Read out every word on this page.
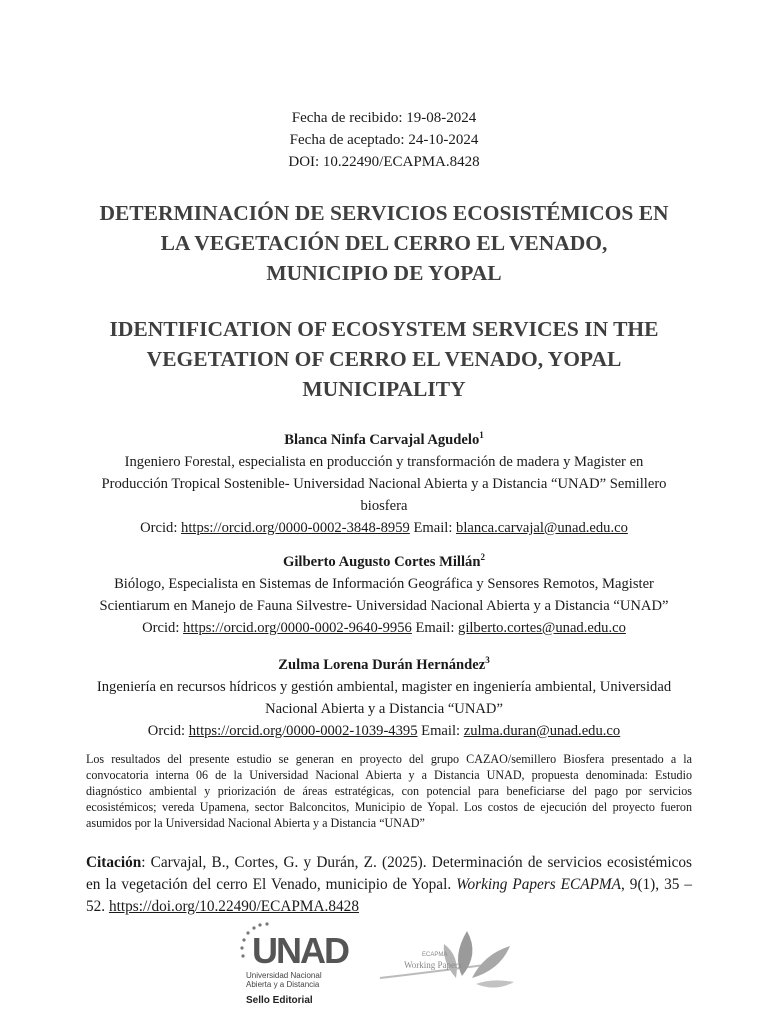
Fecha de recibido: 19-08-2024
Fecha de aceptado: 24-10-2024
DOI: 10.22490/ECAPMA.8428
DETERMINACIÓN DE SERVICIOS ECOSISTÉMICOS EN
LA VEGETACIÓN DEL CERRO EL VENADO,
MUNICIPIO DE YOPAL
IDENTIFICATION OF ECOSYSTEM SERVICES IN THE
VEGETATION OF CERRO EL VENADO, YOPAL
MUNICIPALITY
Blanca Ninfa Carvajal Agudelo$^1$
Ingeniero Forestal, especialista en producción y transformación de madera y Magister en
Producción Tropical Sostenible- Universidad Nacional Abierta y a Distancia “UNAD” Semillero
biosfera
Orcid: https://orcid.org/0000-0002-3848-8959 Email: blanca.carvajal@unad.edu.co
Gilberto Augusto Cortes Millán$^2$
Biólogo, Especialista en Sistemas de Información Geográfica y Sensores Remotos, Magister
Scientiarum en Manejo de Fauna Silvestre- Universidad Nacional Abierta y a Distancia “UNAD”
Orcid: https://orcid.org/0000-0002-9640-9956 Email: gilberto.cortes@unad.edu.co
Zulma Lorena Durán Hernández$^3$
Ingeniería en recursos hídricos y gestión ambiental, magister en ingeniería ambiental, Universidad
Nacional Abierta y a Distancia “UNAD”
Orcid: https://orcid.org/0000-0002-1039-4395 Email: zulma.duran@unad.edu.co
Los resultados del presente estudio se generan en proyecto del grupo CAZAO/semillero Biosfera presentado a la convocatoria interna 06 de la Universidad Nacional Abierta y a Distancia UNAD, propuesta denominada: Estudio diagnóstico ambiental y priorización de áreas estratégicas, con potencial para beneficiarse del pago por servicios ecosistémicos; vereda Upamena, sector Balconcitos, Municipio de Yopal. Los costos de ejecución del proyecto fueron asumidos por la Universidad Nacional Abierta y a Distancia “UNAD”
Citación: Carvajal, B., Cortes, G. y Durán, Z. (2025). Determinación de servicios ecosistémicos en la vegetación del cerro El Venado, municipio de Yopal. Working Papers ECAPMA, 9(1), 35 – 52. https://doi.org/10.22490/ECAPMA.8428
UNAD
Universidad Nacional
Abierta y a Distancia
Sello Editorial
ECAPMA
Working Papers
